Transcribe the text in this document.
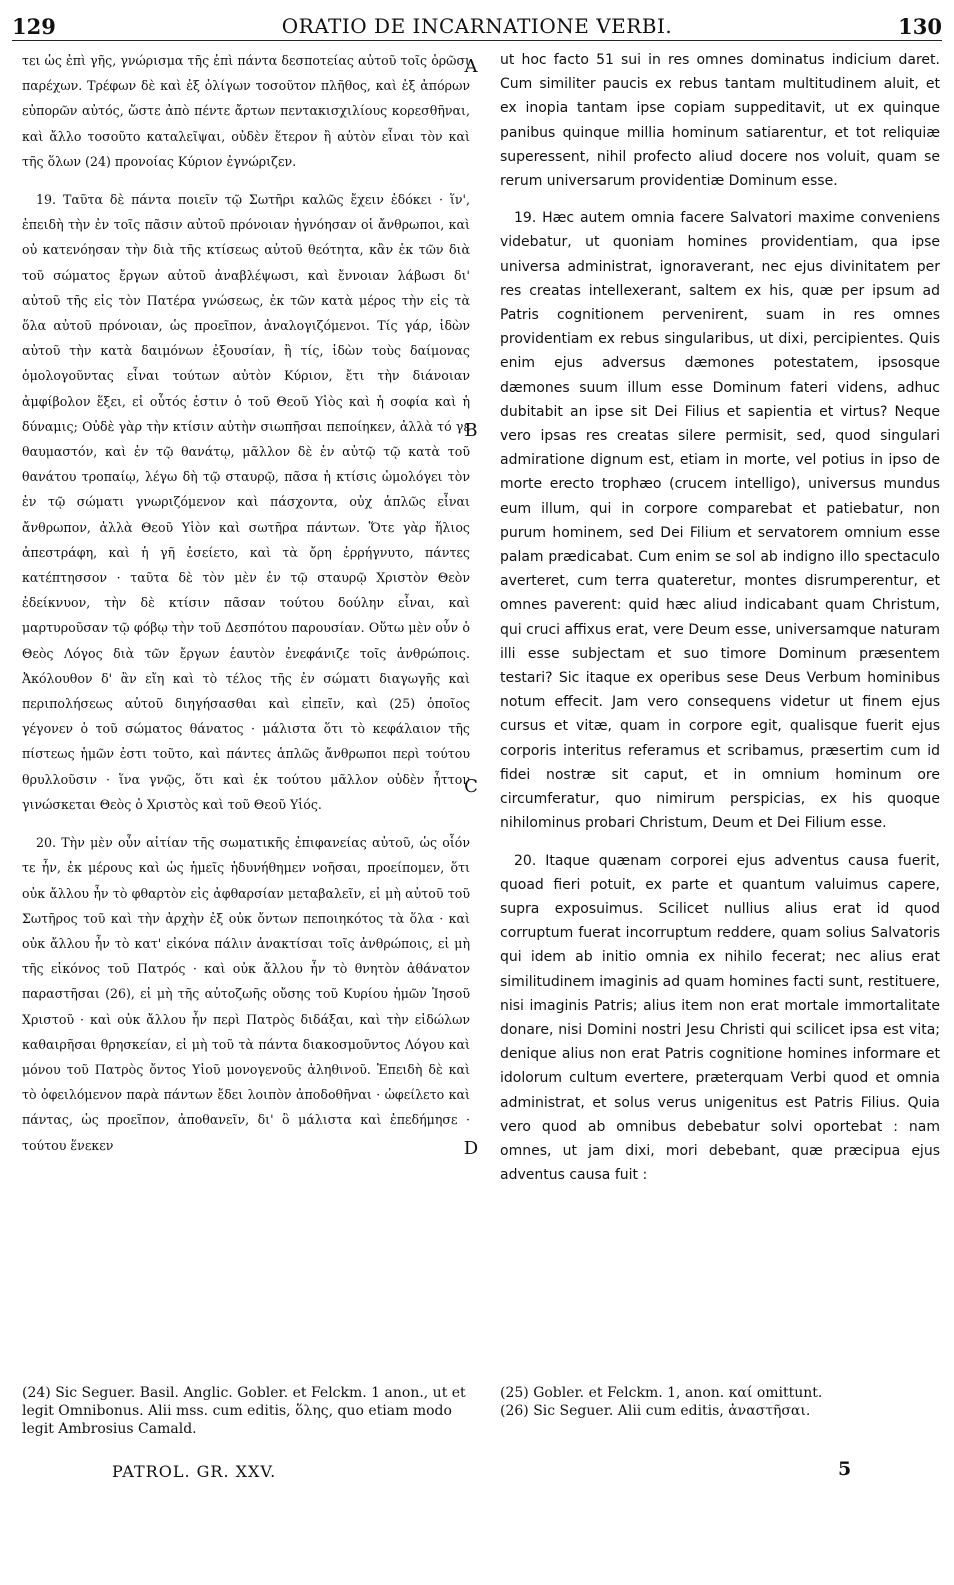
129	ORATIO DE INCARNATIONE VERBI.	130

τει ὡς ἐπὶ γῆς, γνώρισμα τῆς ἐπὶ πάντα δεσποτείας αὐτοῦ τοῖς ὁρῶσι παρέχων. Τρέφων δὲ καὶ ἐξ ὀλίγων τοσοῦτον πλῆθος, καὶ ἐξ ἀπόρων εὐπορῶν αὐτός, ὥστε ἀπὸ πέντε ἄρτων πεντακισχιλίους κορεσθῆναι, καὶ ἄλλο τοσοῦτο καταλεῖψαι, οὐδὲν ἕτερον ἢ αὐτὸν εἶναι τὸν καὶ τῆς ὅλων (24) προνοίας Κύριον ἐγνώριζεν.

19. Ταῦτα δὲ πάντα ποιεῖν τῷ Σωτῆρι καλῶς ἔχειν ἐδόκει · ἵν', ἐπειδὴ τὴν ἐν τοῖς πᾶσιν αὐτοῦ πρόνοιαν ἠγνόησαν οἱ ἄνθρωποι, καὶ οὐ κατενόησαν τὴν διὰ τῆς κτίσεως αὐτοῦ θεότητα, κἂν ἐκ τῶν διὰ τοῦ σώματος ἔργων αὐτοῦ ἀναβλέψωσι, καὶ ἔννοιαν λάβωσι δι' αὐτοῦ τῆς εἰς τὸν Πατέρα γνώσεως, ἐκ τῶν κατὰ μέρος τὴν εἰς τὰ ὅλα αὐτοῦ πρόνοιαν, ὡς προεῖπον, ἀναλογιζόμενοι. Τίς γάρ, ἰδὼν αὐτοῦ τὴν κατὰ δαιμόνων ἐξουσίαν, ἢ τίς, ἰδὼν τοὺς δαίμονας ὁμολογοῦντας εἶναι τούτων αὐτὸν Κύριον, ἔτι τὴν διάνοιαν ἀμφίβολον ἕξει, εἰ οὗτός ἐστιν ὁ τοῦ Θεοῦ Υἱὸς καὶ ἡ σοφία καὶ ἡ δύναμις; Οὐδὲ γὰρ τὴν κτίσιν αὐτὴν σιωπῆσαι πεποίηκεν, ἀλλὰ τό γε θαυμαστόν, καὶ ἐν τῷ θανάτῳ, μᾶλλον δὲ ἐν αὐτῷ τῷ κατὰ τοῦ θανάτου τροπαίῳ, λέγω δὴ τῷ σταυρῷ, πᾶσα ἡ κτίσις ὡμολόγει τὸν ἐν τῷ σώματι γνωριζόμενον καὶ πάσχοντα, οὐχ ἁπλῶς εἶναι ἄνθρωπον, ἀλλὰ Θεοῦ Υἱὸν καὶ σωτῆρα πάντων. Ὅτε γὰρ ἥλιος ἀπεστράφη, καὶ ἡ γῆ ἐσείετο, καὶ τὰ ὄρη ἐρρήγνυτο, πάντες κατέπτησσον · ταῦτα δὲ τὸν μὲν ἐν τῷ σταυρῷ Χριστὸν Θεὸν ἐδείκνυον, τὴν δὲ κτίσιν πᾶσαν τούτου δούλην εἶναι, καὶ μαρτυροῦσαν τῷ φόβῳ τὴν τοῦ Δεσπότου παρουσίαν. Οὕτω μὲν οὖν ὁ Θεὸς Λόγος διὰ τῶν ἔργων ἑαυτὸν ἐνεφάνιζε τοῖς ἀνθρώποις. Ἀκόλουθον δ' ἂν εἴη καὶ τὸ τέλος τῆς ἐν σώματι διαγωγῆς καὶ περιπολήσεως αὐτοῦ διηγήσασθαι καὶ εἰπεῖν, καὶ (25) ὁποῖος γέγονεν ὁ τοῦ σώματος θάνατος · μάλιστα ὅτι τὸ κεφάλαιον τῆς πίστεως ἡμῶν ἐστι τοῦτο, καὶ πάντες ἁπλῶς ἄνθρωποι περὶ τούτου θρυλλοῦσιν · ἵνα γνῷς, ὅτι καὶ ἐκ τούτου μᾶλλον οὐδὲν ἧττον γινώσκεται Θεὸς ὁ Χριστὸς καὶ τοῦ Θεοῦ Υἱός.

20. Τὴν μὲν οὖν αἰτίαν τῆς σωματικῆς ἐπιφανείας αὐτοῦ, ὡς οἷόν τε ἦν, ἐκ μέρους καὶ ὡς ἡμεῖς ἠδυνήθημεν νοῆσαι, προείπομεν, ὅτι οὐκ ἄλλου ἦν τὸ φθαρτὸν εἰς ἀφθαρσίαν μεταβαλεῖν, εἰ μὴ αὐτοῦ τοῦ Σωτῆρος τοῦ καὶ τὴν ἀρχὴν ἐξ οὐκ ὄντων πεποιηκότος τὰ ὅλα · καὶ οὐκ ἄλλου ἦν τὸ κατ' εἰκόνα πάλιν ἀνακτίσαι τοῖς ἀνθρώποις, εἰ μὴ τῆς εἰκόνος τοῦ Πατρός · καὶ οὐκ ἄλλου ἦν τὸ θνητὸν ἀθάνατον παραστῆσαι (26), εἰ μὴ τῆς αὐτοζωῆς οὔσης τοῦ Κυρίου ἡμῶν Ἰησοῦ Χριστοῦ · καὶ οὐκ ἄλλου ἦν περὶ Πατρὸς διδάξαι, καὶ τὴν εἰδώλων καθαιρῆσαι θρησκείαν, εἰ μὴ τοῦ τὰ πάντα διακοσμοῦντος Λόγου καὶ μόνου τοῦ Πατρὸς ὄντος Υἱοῦ μονογενοῦς ἀληθινοῦ. Ἐπειδὴ δὲ καὶ τὸ ὀφειλόμενον παρὰ πάντων ἔδει λοιπὸν ἀποδοθῆναι · ὠφείλετο καὶ πάντας, ὡς προεῖπον, ἀποθανεῖν, δι' ὃ μάλιστα καὶ ἐπεδήμησε · τούτου ἕνεκεν

ut hoc facto 51 sui in res omnes dominatus indicium daret. Cum similiter paucis ex rebus tantam multitudinem aluit, et ex inopia tantam ipse copiam suppeditavit, ut ex quinque panibus quinque millia hominum satiarentur, et tot reliquiæ superessent, nihil profecto aliud docere nos voluit, quam se rerum universarum providentiæ Dominum esse.

19. Hæc autem omnia facere Salvatori maxime conveniens videbatur, ut quoniam homines providentiam, qua ipse universa administrat, ignoraverant, nec ejus divinitatem per res creatas intellexerant, saltem ex his, quæ per ipsum ad Patris cognitionem pervenirent, suam in res omnes providentiam ex rebus singularibus, ut dixi, percipientes. Quis enim ejus adversus dæmones potestatem, ipsosque dæmones suum illum esse Dominum fateri videns, adhuc dubitabit an ipse sit Dei Filius et sapientia et virtus? Neque vero ipsas res creatas silere permisit, sed, quod singulari admiratione dignum est, etiam in morte, vel potius in ipso de morte erecto trophæo (crucem intelligo), universus mundus eum illum, qui in corpore comparebat et patiebatur, non purum hominem, sed Dei Filium et servatorem omnium esse palam prædicabat. Cum enim se sol ab indigno illo spectaculo averteret, cum terra quateretur, montes disrumperentur, et omnes paverent: quid hæc aliud indicabant quam Christum, qui cruci affixus erat, vere Deum esse, universamque naturam illi esse subjectam et suo timore Dominum præsentem testari? Sic itaque ex operibus sese Deus Verbum hominibus notum effecit. Jam vero consequens videtur ut finem ejus cursus et vitæ, quam in corpore egit, qualisque fuerit ejus corporis interitus referamus et scribamus, præsertim cum id fidei nostræ sit caput, et in omnium hominum ore circumferatur, quo nimirum perspicias, ex his quoque nihilominus probari Christum, Deum et Dei Filium esse.

20. Itaque quænam corporei ejus adventus causa fuerit, quoad fieri potuit, ex parte et quantum valuimus capere, supra exposuimus. Scilicet nullius alius erat id quod corruptum fuerat incorruptum reddere, quam solius Salvatoris qui idem ab initio omnia ex nihilo fecerat; nec alius erat similitudinem imaginis ad quam homines facti sunt, restituere, nisi imaginis Patris; alius item non erat mortale immortalitate donare, nisi Domini nostri Jesu Christi qui scilicet ipsa est vita; denique alius non erat Patris cognitione homines informare et idolorum cultum evertere, præterquam Verbi quod et omnia administrat, et solus verus unigenitus est Patris Filius. Quia vero quod ab omnibus debebatur solvi oportebat : nam omnes, ut jam dixi, mori debebant, quæ præcipua ejus adventus causa fuit :

A
B
C
D

(24) Sic Seguer. Basil. Anglic. Gobler. et Felckm. 1 anon., ut et legit Omnibonus. Alii mss. cum editis, ὅλης, quo etiam modo legit Ambrosius Camald.

(25) Gobler. et Felckm. 1, anon. καί omittunt.

(26) Sic Seguer. Alii cum editis, ἀναστῆσαι.

PATROL. GR. XXV.	5
